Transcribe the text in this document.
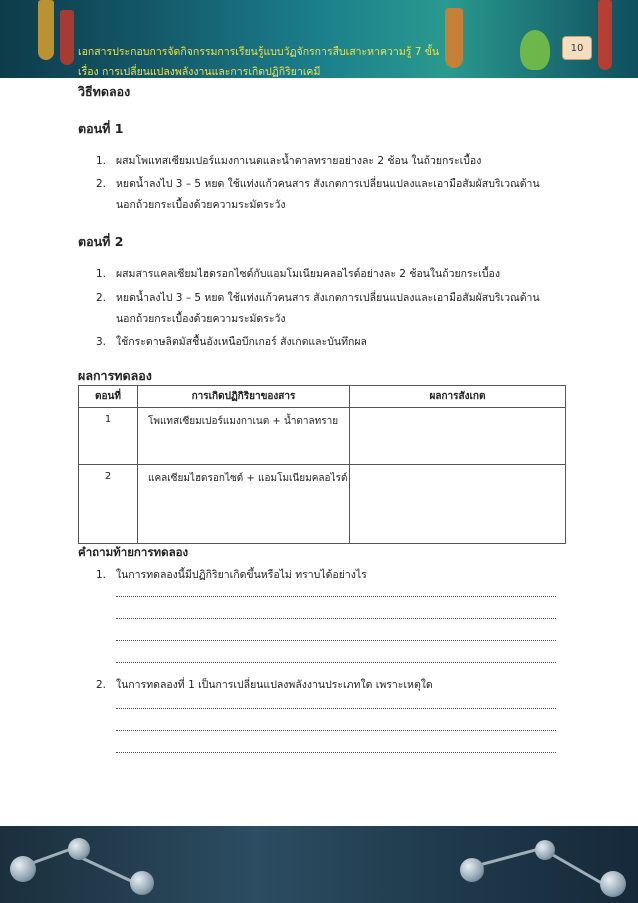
เอกสารประกอบการจัดกิจกรรมการเรียนรู้แบบวัฏจักรการสืบเสาะหาความรู้ 7 ขั้น
เรื่อง การเปลี่ยนแปลงพลังงานและการเกิดปฏิกิริยาเคมี
10
วิธีทดลอง
ตอนที่ 1
1. ผสมโพแทสเซียมเปอร์แมงกาเนตและน้ำตาลทรายอย่างละ 2 ช้อน ในถ้วยกระเบื้อง
2. หยดน้ำลงไป 3 – 5 หยด ใช้แท่งแก้วคนสาร สังเกตการเปลี่ยนแปลงและเอามือสัมผัสบริเวณด้าน
นอกถ้วยกระเบื้องด้วยความระมัดระวัง
ตอนที่ 2
1. ผสมสารแคลเซียมไฮดรอกไซด์กับแอมโมเนียมคลอไรด์อย่างละ 2 ช้อนในถ้วยกระเบื้อง
2. หยดน้ำลงไป 3 – 5 หยด ใช้แท่งแก้วคนสาร สังเกตการเปลี่ยนแปลงและเอามือสัมผัสบริเวณด้าน
นอกถ้วยกระเบื้องด้วยความระมัดระวัง
3. ใช้กระดาษลิตมัสชื้นอังเหนือบีกเกอร์ สังเกตและบันทึกผล
ผลการทดลอง
ตอนที่	การเกิดปฏิกิริยาของสาร	ผลการสังเกต
1	โพแทสเซียมเปอร์แมงกาเนต + น้ำตาลทราย	
2	แคลเซียมไฮดรอกไซด์ + แอมโมเนียมคลอไรด์	
คำถามท้ายการทดลอง
1. ในการทดลองนี้มีปฏิกิริยาเกิดขึ้นหรือไม่ ทราบได้อย่างไร
2. ในการทดลองที่ 1 เป็นการเปลี่ยนแปลงพลังงานประเภทใด เพราะเหตุใด
